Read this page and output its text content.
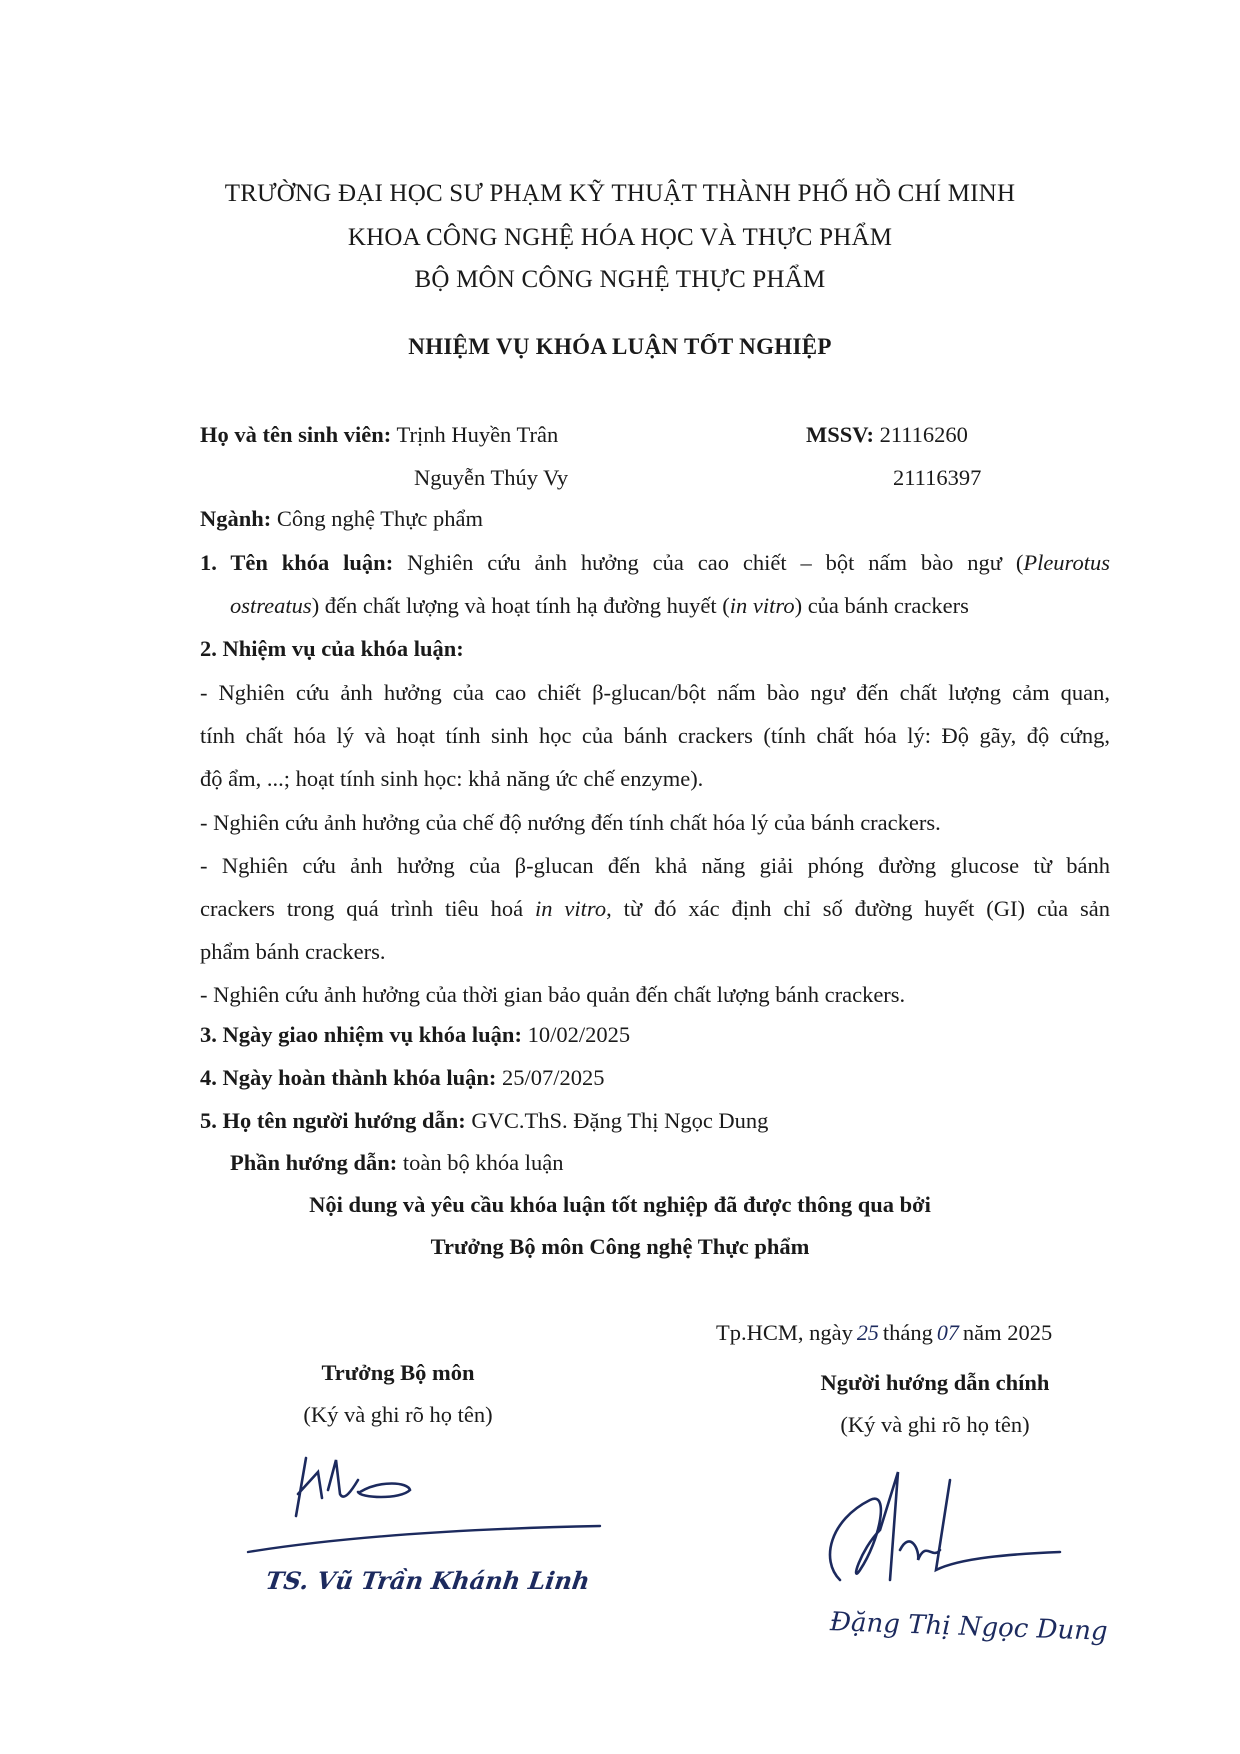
TRƯỜNG ĐẠI HỌC SƯ PHẠM KỸ THUẬT THÀNH PHỐ HỒ CHÍ MINH
KHOA CÔNG NGHỆ HÓA HỌC VÀ THỰC PHẨM
BỘ MÔN CÔNG NGHỆ THỰC PHẨM
NHIỆM VỤ KHÓA LUẬN TỐT NGHIỆP
Họ và tên sinh viên: Trịnh Huyền Trân	MSSV: 21116260
Nguyễn Thúy Vy	21116397
Ngành: Công nghệ Thực phẩm
1. Tên khóa luận: Nghiên cứu ảnh hưởng của cao chiết – bột nấm bào ngư (Pleurotus
ostreatus) đến chất lượng và hoạt tính hạ đường huyết (in vitro) của bánh crackers
2. Nhiệm vụ của khóa luận:
- Nghiên cứu ảnh hưởng của cao chiết β-glucan/bột nấm bào ngư đến chất lượng cảm quan,
tính chất hóa lý và hoạt tính sinh học của bánh crackers (tính chất hóa lý: Độ gãy, độ cứng,
độ ẩm, ...; hoạt tính sinh học: khả năng ức chế enzyme).
- Nghiên cứu ảnh hưởng của chế độ nướng đến tính chất hóa lý của bánh crackers.
- Nghiên cứu ảnh hưởng của β-glucan đến khả năng giải phóng đường glucose từ bánh
crackers trong quá trình tiêu hoá in vitro, từ đó xác định chỉ số đường huyết (GI) của sản
phẩm bánh crackers.
- Nghiên cứu ảnh hưởng của thời gian bảo quản đến chất lượng bánh crackers.
3. Ngày giao nhiệm vụ khóa luận: 10/02/2025
4. Ngày hoàn thành khóa luận: 25/07/2025
5. Họ tên người hướng dẫn: GVC.ThS. Đặng Thị Ngọc Dung
Phần hướng dẫn: toàn bộ khóa luận
Nội dung và yêu cầu khóa luận tốt nghiệp đã được thông qua bởi
Trưởng Bộ môn Công nghệ Thực phẩm
Tp.HCM, ngày 25 tháng 07 năm 2025
Trưởng Bộ môn
(Ký và ghi rõ họ tên)
TS. Vũ Trần Khánh Linh
Người hướng dẫn chính
(Ký và ghi rõ họ tên)
Đặng Thị Ngọc Dung
